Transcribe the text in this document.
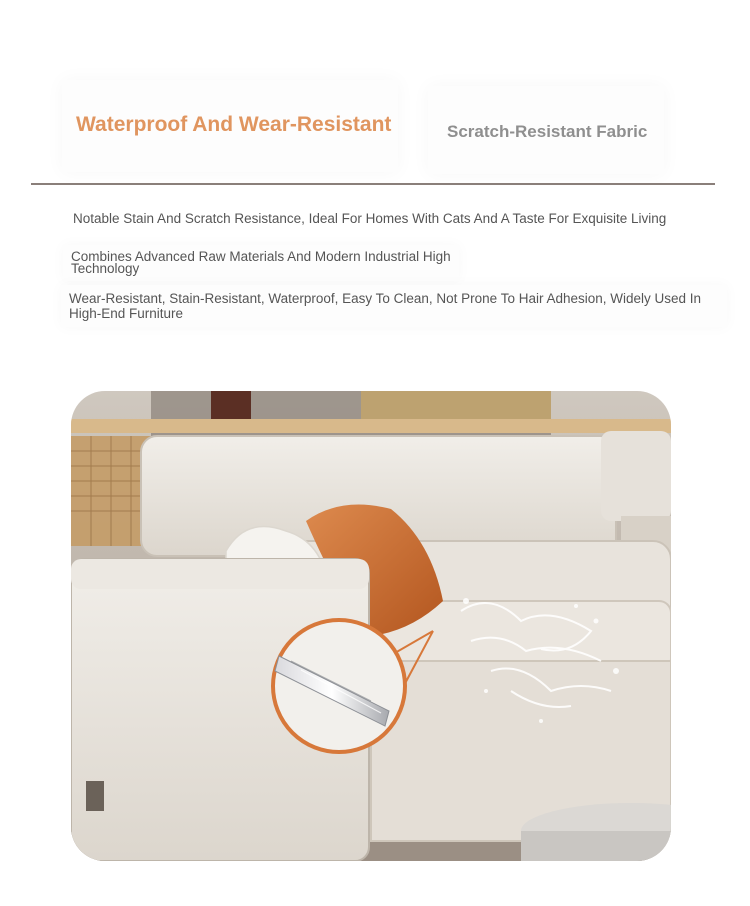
Waterproof And Wear-Resistant	Scratch-Resistant Fabric
Notable Stain And Scratch Resistance, Ideal For Homes With Cats And A Taste For Exquisite Living
Combines Advanced Raw Materials And Modern Industrial High Technology
Wear-Resistant, Stain-Resistant, Waterproof, Easy To Clean, Not Prone To Hair Adhesion, Widely Used In High-End Furniture
